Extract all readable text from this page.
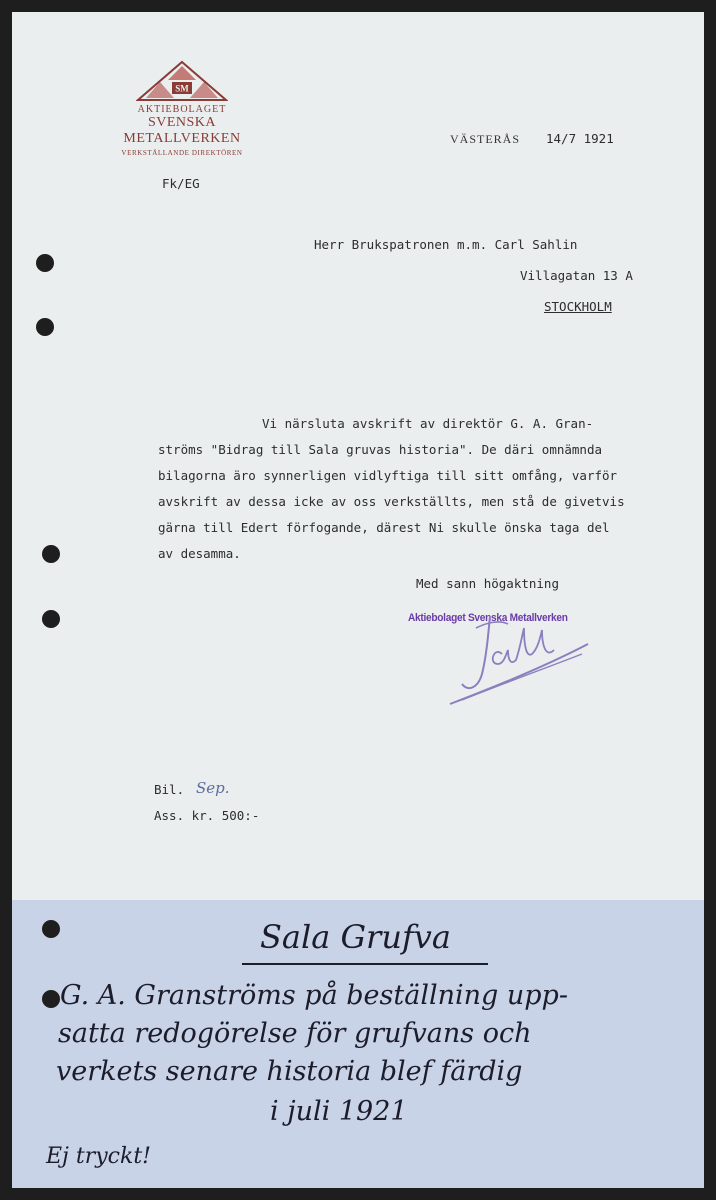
SM
AKTIEBOLAGET
SVENSKA METALLVERKEN
VERKSTÄLLANDE DIREKTÖREN
VÄSTERÅS 14/7 1921
Fk/EG
Herr Brukspatronen m.m. Carl Sahlin
Villagatan 13 A
STOCKHOLM
Vi närsluta avskrift av direktör G. A. Gran-
ströms "Bidrag till Sala gruvas historia". De däri omnämnda
bilagorna äro synnerligen vidlyftiga till sitt omfång, varför
avskrift av dessa icke av oss verkställts, men stå de givetvis
gärna till Edert förfogande, därest Ni skulle önska taga del
av desamma.
Med sann högaktning
Aktiebolaget Svenska Metallverken
Bil. Sep.
Ass. kr. 500:-
Sala Grufva
G. A. Granströms på beställning upp-
satta redogörelse för grufvans och
verkets senare historia blef färdig
i juli 1921
Ej tryckt!
